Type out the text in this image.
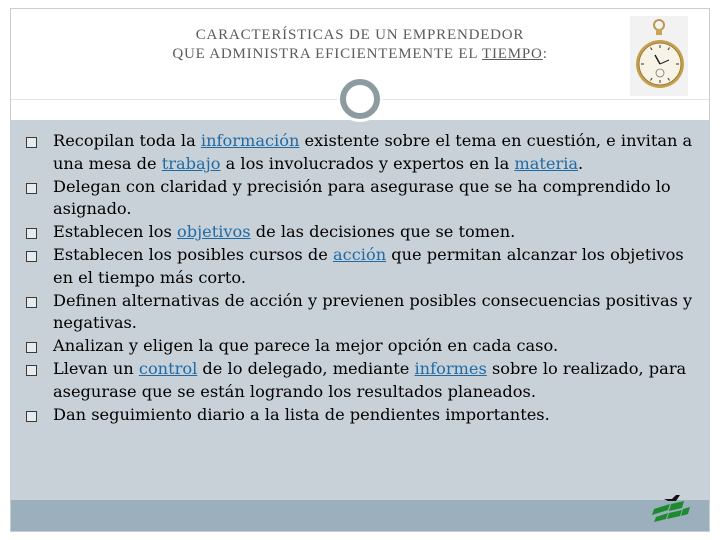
CARACTERÍSTICAS DE UN EMPRENDEDOR
QUE ADMINISTRA EFICIENTEMENTE EL TIEMPO:
Recopilan toda la información existente sobre el tema en cuestión, e invitan a una mesa de trabajo a los involucrados y expertos en la materia.
Delegan con claridad y precisión para asegurase que se ha comprendido lo asignado.
Establecen los objetivos de las decisiones que se tomen.
Establecen los posibles cursos de acción que permitan alcanzar los objetivos en el tiempo más corto.
Definen alternativas de acción y previenen posibles consecuencias positivas y negativas.
Analizan y eligen la que parece la mejor opción en cada caso.
Llevan un control de lo delegado, mediante informes sobre lo realizado, para asegurase que se están logrando los resultados planeados.
Dan seguimiento diario a la lista de pendientes importantes.
